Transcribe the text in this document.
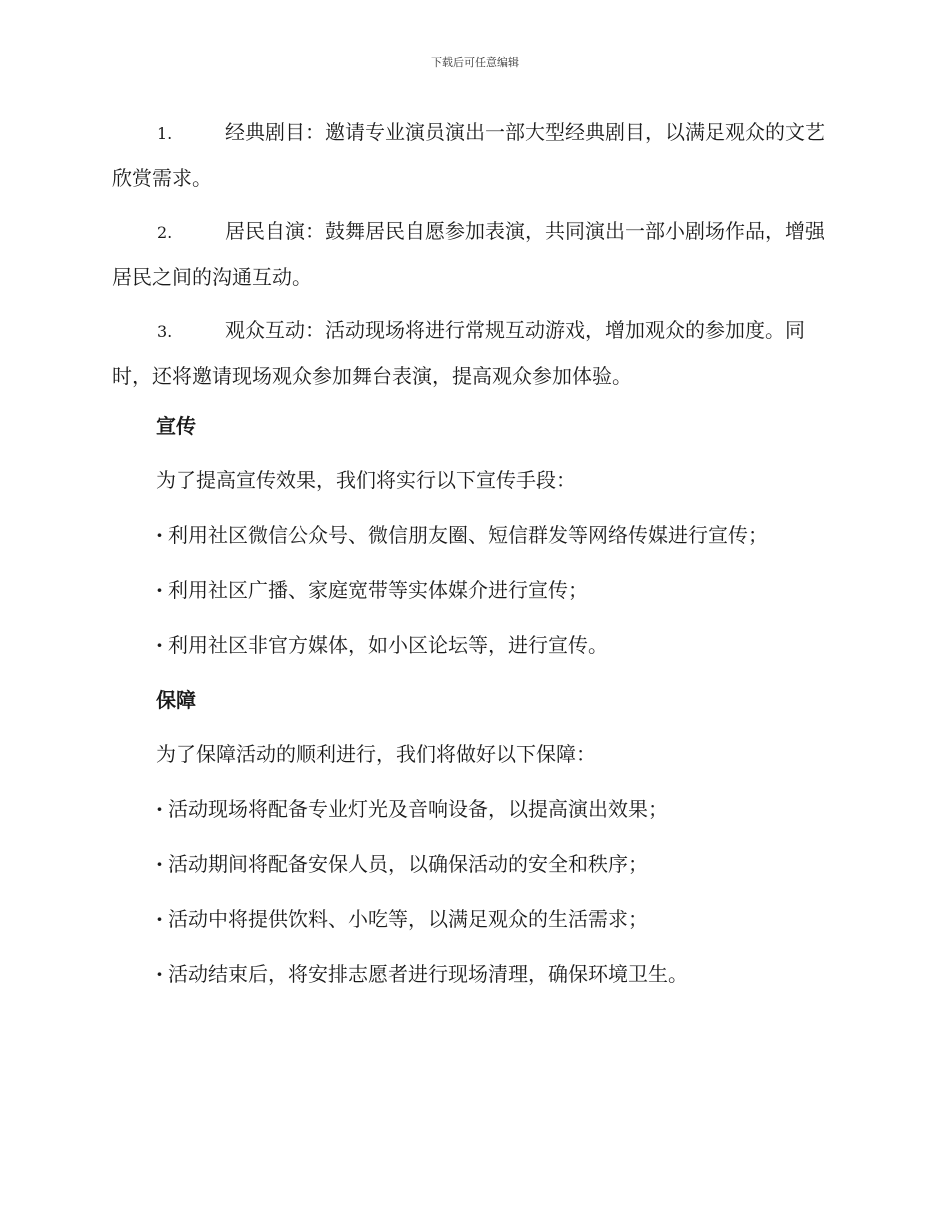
下载后可任意编辑

1.	经典剧目：邀请专业演员演出一部大型经典剧目，以满足观众的文艺欣赏需求。

2.	居民自演：鼓舞居民自愿参加表演，共同演出一部小剧场作品，增强居民之间的沟通互动。

3.	观众互动：活动现场将进行常规互动游戏，增加观众的参加度。同时，还将邀请现场观众参加舞台表演，提高观众参加体验。

宣传

为了提高宣传效果，我们将实行以下宣传手段：

· 利用社区微信公众号、微信朋友圈、短信群发等网络传媒进行宣传；

· 利用社区广播、家庭宽带等实体媒介进行宣传；

· 利用社区非官方媒体，如小区论坛等，进行宣传。

保障

为了保障活动的顺利进行，我们将做好以下保障：

· 活动现场将配备专业灯光及音响设备，以提高演出效果；

· 活动期间将配备安保人员，以确保活动的安全和秩序；

· 活动中将提供饮料、小吃等，以满足观众的生活需求；

· 活动结束后，将安排志愿者进行现场清理，确保环境卫生。
